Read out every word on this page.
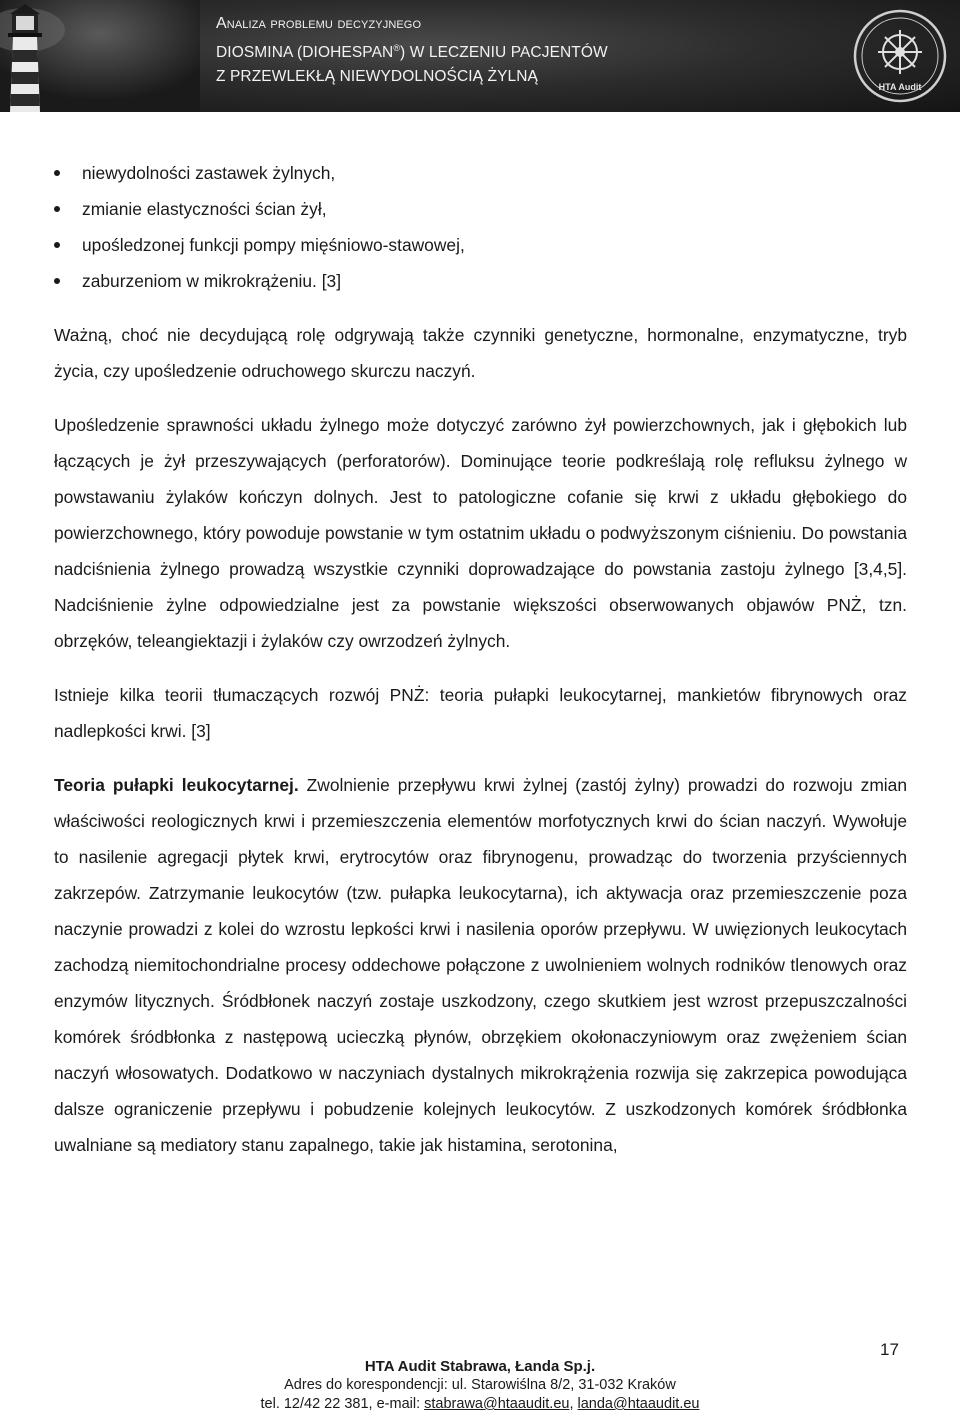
Analiza problemu decyzyjnego
DIOSMINA (DIOHESPAN®) W LECZENIU PACJENTÓW
Z PRZEWLEKŁĄ NIEWYDOLNOŚCIĄ ŻYLNĄ
HTA Audit
niewydolności zastawek żylnych,
zmianie elastyczności ścian żył,
upośledzonej funkcji pompy mięśniowo-stawowej,
zaburzeniom w mikrokrążeniu. [3]

Ważną, choć nie decydującą rolę odgrywają także czynniki genetyczne, hormonalne, enzymatyczne, tryb życia, czy upośledzenie odruchowego skurczu naczyń.

Upośledzenie sprawności układu żylnego może dotyczyć zarówno żył powierzchownych, jak i głębokich lub łączących je żył przeszywających (perforatorów). Dominujące teorie podkreślają rolę refluksu żylnego w powstawaniu żylaków kończyn dolnych. Jest to patologiczne cofanie się krwi z układu głębokiego do powierzchownego, który powoduje powstanie w tym ostatnim układu o podwyższonym ciśnieniu. Do powstania nadciśnienia żylnego prowadzą wszystkie czynniki doprowadzające do powstania zastoju żylnego [3,4,5]. Nadciśnienie żylne odpowiedzialne jest za powstanie większości obserwowanych objawów PNŻ, tzn. obrzęków, teleangiektazji i żylaków czy owrzodzeń żylnych.

Istnieje kilka teorii tłumaczących rozwój PNŻ: teoria pułapki leukocytarnej, mankietów fibrynowych oraz nadlepkości krwi. [3]

Teoria pułapki leukocytarnej. Zwolnienie przepływu krwi żylnej (zastój żylny) prowadzi do rozwoju zmian właściwości reologicznych krwi i przemieszczenia elementów morfotycznych krwi do ścian naczyń. Wywołuje to nasilenie agregacji płytek krwi, erytrocytów oraz fibrynogenu, prowadząc do tworzenia przyściennych zakrzepów. Zatrzymanie leukocytów (tzw. pułapka leukocytarna), ich aktywacja oraz przemieszczenie poza naczynie prowadzi z kolei do wzrostu lepkości krwi i nasilenia oporów przepływu. W uwięzionych leukocytach zachodzą niemitochondrialne procesy oddechowe połączone z uwolnieniem wolnych rodników tlenowych oraz enzymów litycznych. Śródbłonek naczyń zostaje uszkodzony, czego skutkiem jest wzrost przepuszczalności komórek śródbłonka z następową ucieczką płynów, obrzękiem okołonaczyniowym oraz zwężeniem ścian naczyń włosowatych. Dodatkowo w naczyniach dystalnych mikrokrążenia rozwija się zakrzepica powodująca dalsze ograniczenie przepływu i pobudzenie kolejnych leukocytów. Z uszkodzonych komórek śródbłonka uwalniane są mediatory stanu zapalnego, takie jak histamina, serotonina,

17
HTA Audit Stabrawa, Łanda Sp.j.
Adres do korespondencji: ul. Starowiślna 8/2, 31-032 Kraków
tel. 12/42 22 381, e-mail: stabrawa@htaaudit.eu, landa@htaaudit.eu
